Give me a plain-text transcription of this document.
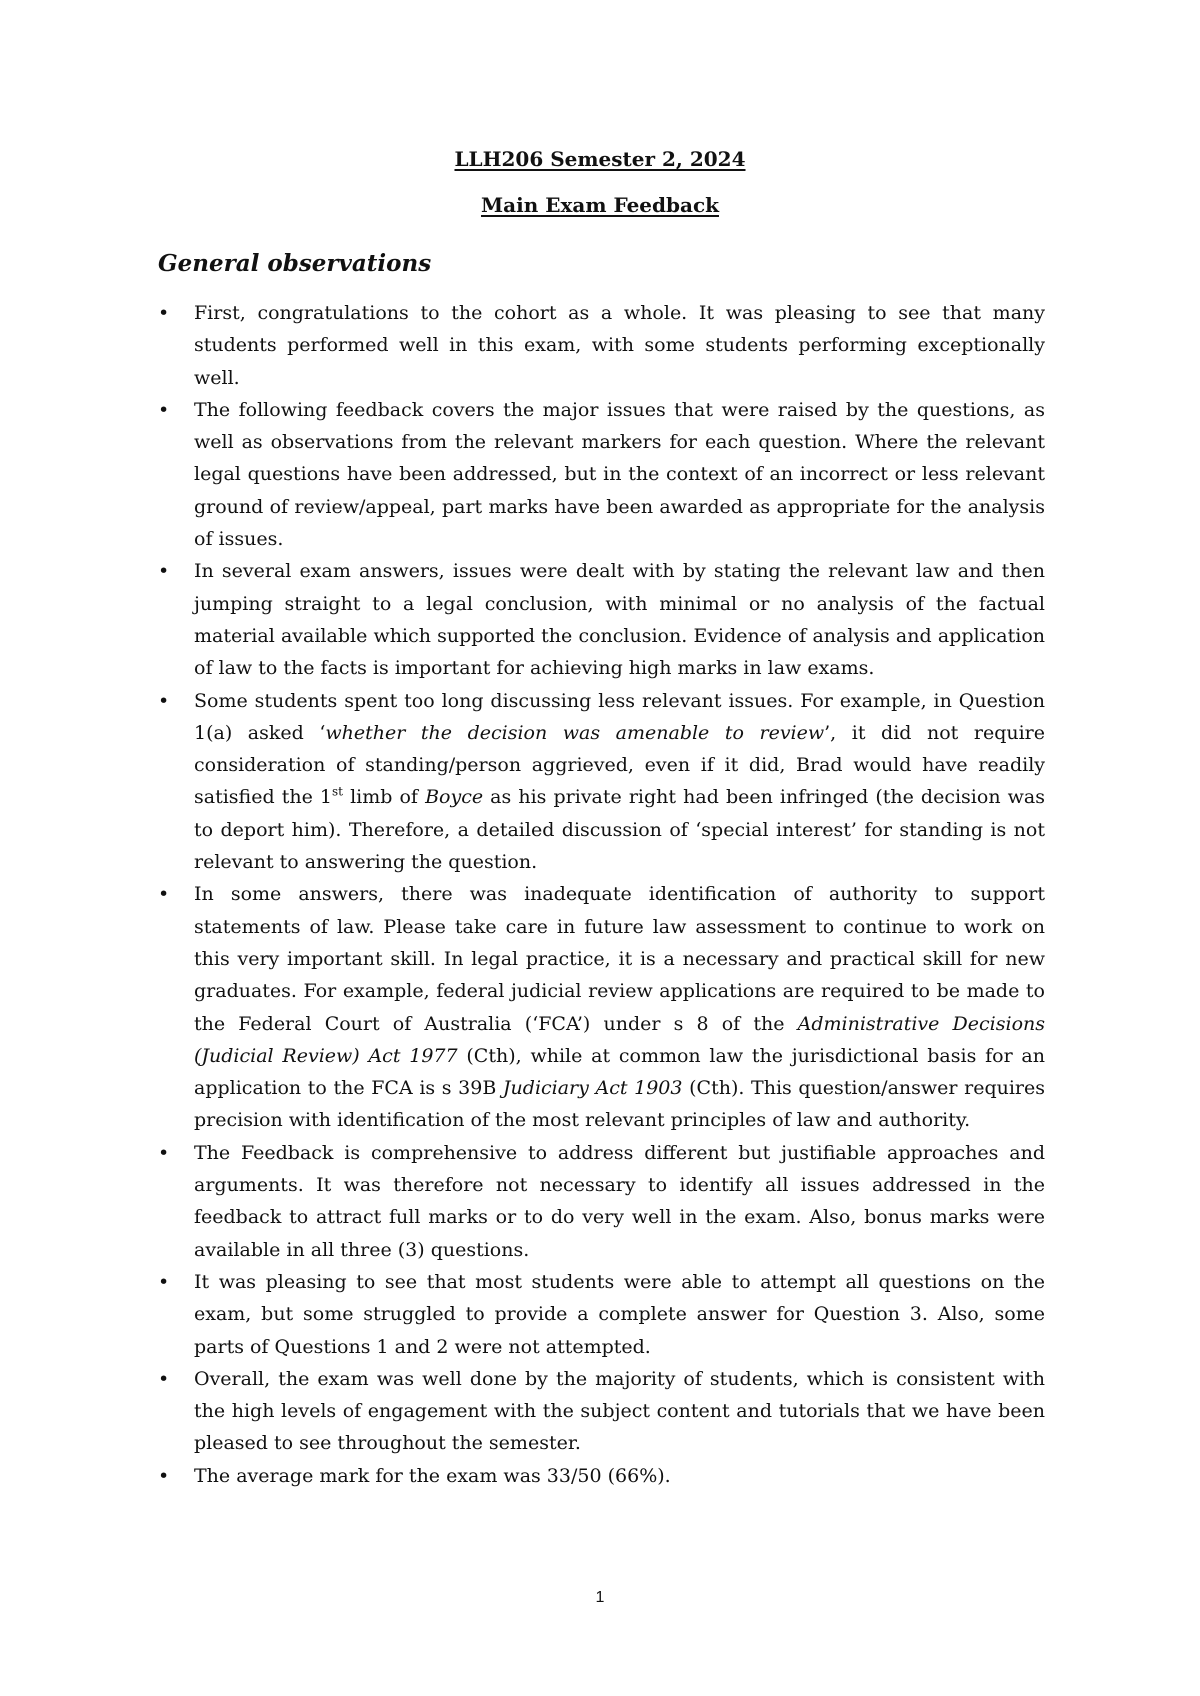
LLH206 Semester 2, 2024
Main Exam Feedback
General observations
•	First, congratulations to the cohort as a whole. It was pleasing to see that many students performed well in this exam, with some students performing exceptionally well.
•	The following feedback covers the major issues that were raised by the questions, as well as observations from the relevant markers for each question. Where the relevant legal questions have been addressed, but in the context of an incorrect or less relevant ground of review/appeal, part marks have been awarded as appropriate for the analysis of issues.
•	In several exam answers, issues were dealt with by stating the relevant law and then jumping straight to a legal conclusion, with minimal or no analysis of the factual material available which supported the conclusion. Evidence of analysis and application of law to the facts is important for achieving high marks in law exams.
•	Some students spent too long discussing less relevant issues. For example, in Question 1(a) asked ‘whether the decision was amenable to review’, it did not require consideration of standing/person aggrieved, even if it did, Brad would have readily satisfied the 1st limb of Boyce as his private right had been infringed (the decision was to deport him). Therefore, a detailed discussion of ‘special interest’ for standing is not relevant to answering the question.
•	In some answers, there was inadequate identification of authority to support statements of law. Please take care in future law assessment to continue to work on this very important skill. In legal practice, it is a necessary and practical skill for new graduates. For example, federal judicial review applications are required to be made to the Federal Court of Australia (‘FCA’) under s 8 of the Administrative Decisions (Judicial Review) Act 1977 (Cth), while at common law the jurisdictional basis for an application to the FCA is s 39B Judiciary Act 1903 (Cth). This question/answer requires precision with identification of the most relevant principles of law and authority.
•	The Feedback is comprehensive to address different but justifiable approaches and arguments. It was therefore not necessary to identify all issues addressed in the feedback to attract full marks or to do very well in the exam. Also, bonus marks were available in all three (3) questions.
•	It was pleasing to see that most students were able to attempt all questions on the exam, but some struggled to provide a complete answer for Question 3. Also, some parts of Questions 1 and 2 were not attempted.
•	Overall, the exam was well done by the majority of students, which is consistent with the high levels of engagement with the subject content and tutorials that we have been pleased to see throughout the semester.
•	The average mark for the exam was 33/50 (66%).
1
